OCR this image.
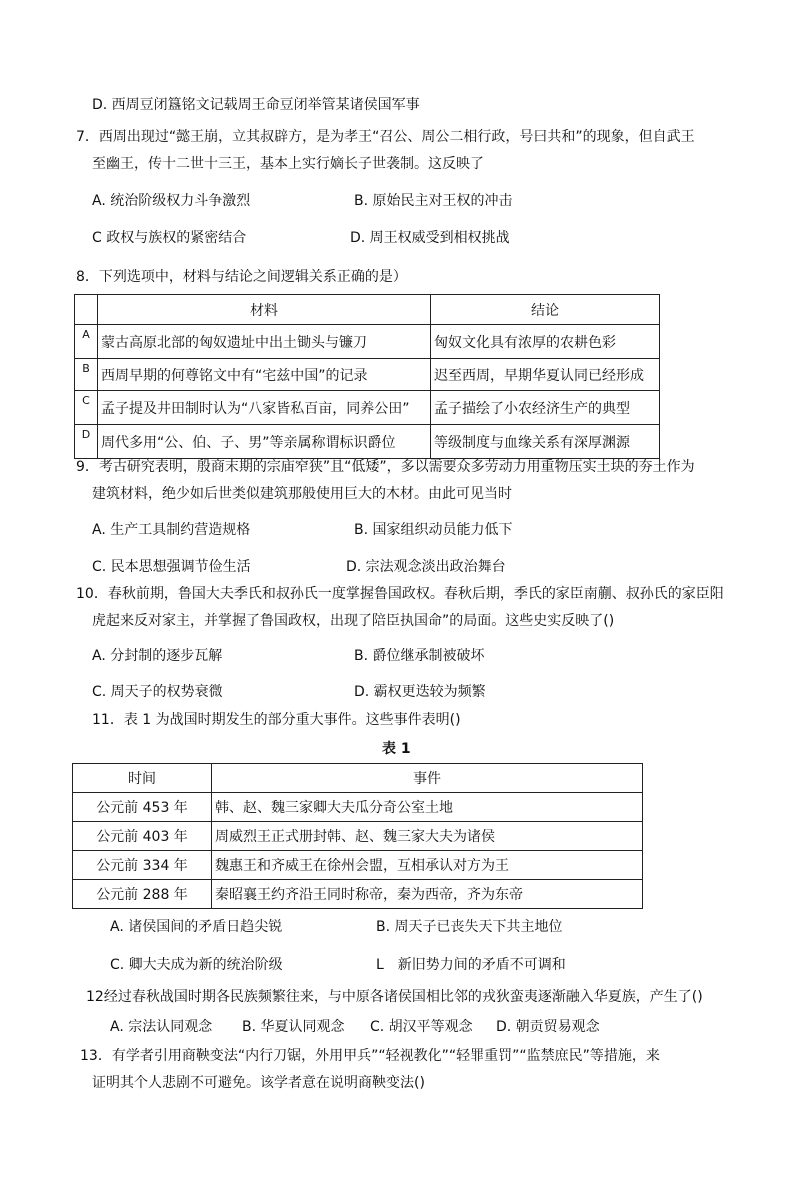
D. 西周豆闭簋铭文记载周王命豆闭举管某诸侯国军事
7．西周出现过“懿王崩，立其叔辟方，是为孝王“召公、周公二相行政，号曰共和”的现象，但自武王
至幽王，传十二世十三王，基本上实行嫡长子世袭制。这反映了
A. 统治阶级权力斗争激烈	B. 原始民主对王权的冲击
C 政权与族权的紧密结合	D. 周王权威受到相权挑战
8．下列选项中，材料与结论之间逻辑关系正确的是）
	材料	结论
A	蒙古高原北部的匈奴遗址中出土锄头与镰刀	匈奴文化具有浓厚的农耕色彩
B	西周早期的何尊铭文中有“宅兹中国”的记录	迟至西周，早期华夏认同已经形成
C	孟子提及井田制时认为“八家皆私百亩，同养公田”	孟子描绘了小农经济生产的典型
D	周代多用“公、伯、子、男”等亲属称谓标识爵位	等级制度与血缘关系有深厚渊源
9．考古研究表明，殷商末期的宗庙窄狭”且“低矮”，多以需要众多劳动力用重物压实土块的夯土作为
建筑材料，绝少如后世类似建筑那般使用巨大的木材。由此可见当时
A. 生产工具制约营造规格	B. 国家组织动员能力低下
C. 民本思想强调节俭生活	D. 宗法观念淡出政治舞台
10．春秋前期，鲁国大夫季氏和叔孙氏一度掌握鲁国政权。春秋后期，季氏的家臣南蒯、叔孙氏的家臣阳
虎起来反对家主，并掌握了鲁国政权，出现了陪臣执国命”的局面。这些史实反映了()
A. 分封制的逐步瓦解	B. 爵位继承制被破坏
C. 周天子的权势衰微	D. 霸权更迭较为频繁
11．表 1 为战国时期发生的部分重大事件。这些事件表明()
表 1
时间	事件
公元前 453 年	韩、赵、魏三家卿大夫瓜分奇公室土地
公元前 403 年	周威烈王正式册封韩、赵、魏三家大夫为诸侯
公元前 334 年	魏惠王和齐威王在徐州会盟，互相承认对方为王
公元前 288 年	秦昭襄王约齐沿王同时称帝，秦为西帝，齐为东帝
A. 诸侯国间的矛盾日趋尖锐	B. 周天子已丧失天下共主地位
C. 卿大夫成为新的统治阶级	L　新旧势力间的矛盾不可调和
12经过春秋战国时期各民族频繁往来，与中原各诸侯国相比邻的戎狄蛮夷逐渐融入华夏族，产生了()
A. 宗法认同观念 B. 华夏认同观念 C. 胡汉平等观念 D. 朝贡贸易观念
13．有学者引用商鞅变法“内行刀锯，外用甲兵”“轻视教化”“轻罪重罚”“监禁庶民”等措施，来
证明其个人悲剧不可避免。该学者意在说明商鞅变法()
